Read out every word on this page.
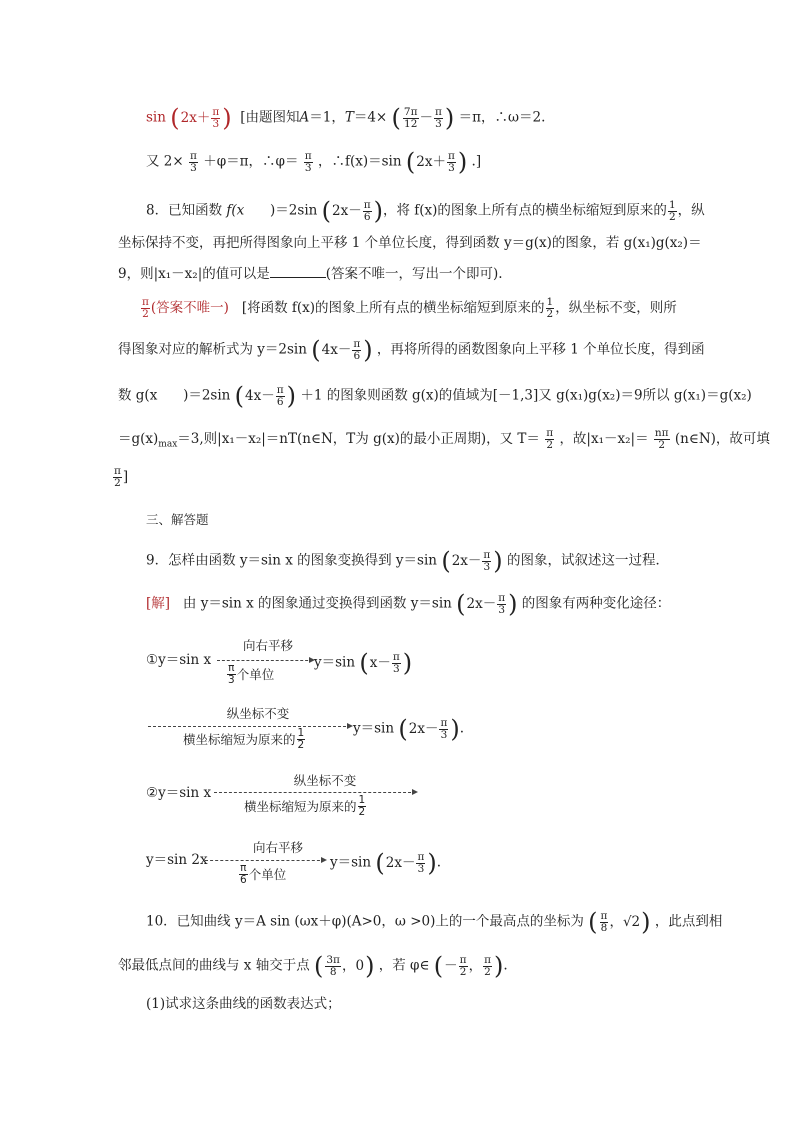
sin ( $2x+ \frac{\pi}{3}$
) [由题图知A＝1，T＝4× ( $\frac{7\pi}{12} - \frac{\pi}{3}$
) ＝π，∴ω＝2.
又 $2\times \frac{\pi}{3} +\varphi=\pi$，∴φ＝ $\frac{\pi}{3}$ ，∴f(x)＝sin ( $2x+ \frac{\pi}{3}$
) .]
8．已知函数 f(x )＝2sin ( $2x- \frac{\pi}{6}$
) ，将 f(x)的图象上所有点的横坐标缩短到原来的 $\frac{1}{2}$ ，纵
坐标保持不变，再把所得图象向上平移 1 个单位长度，得到函数 y＝g(x)的图象，若 g(x₁)g(x₂)＝
9，则|x₁－x₂|的值可以是	(答案不唯一，写出一个即可).
$\frac{\pi}{2}$ (答案不唯一) [将函数 f(x)的图象上所有点的横坐标缩短到原来的 $\frac{1}{2}$ ，纵坐标不变，则所
得图象对应的解析式为 y＝2sin ( $4x- \frac{\pi}{6}$
) ，再将所得的函数图象向上平移 1 个单位长度，得到函
数 g(x )＝2sin ( $4x- \frac{\pi}{6}$
) ＋1 的图象则函数 g(x)的值域为[－1,3]又 g(x₁)g(x₂)＝9所以 g(x₁)＝g(x₂)
$=g(x)_{max}=3$,则|x₁－x₂|＝nT(n∈N，T为 g(x)的最小正周期)，又 $T= \frac{\pi}{2}$ ，故$|x_1-x_2|= \frac{n\pi}{2}$ (n∈N)，故可填
$\frac{\pi}{2}$ ]
三、解答题
9．怎样由函数 y＝sin x 的图象变换得到 y＝sin ( $2x- \frac{\pi}{3}$
) 的图象，试叙述这一过程．
[解] 由 y＝sin x 的图象通过变换得到函数 y＝sin ( $2x- \frac{\pi}{3}$
) 的图象有两种变化途径：
①y＝sin x
向右平移
$\frac{\pi}{3}$ 个单位
y＝sin ( $x- \frac{\pi}{3}$
)
纵坐标不变
横坐标缩短为原来的 $\frac{1}{2}$	y＝sin ( $2x- \frac{\pi}{3}$
) .
②y＝sin x
纵坐标不变
横坐标缩短为原来的 $\frac{1}{2}$
y＝sin 2x
向右平移
$\frac{\pi}{6}$ 个单位
y＝sin ( $2x- \frac{\pi}{3}$
) .
10．已知曲线 y＝A sin (ωx＋φ)(A>0，ω >0)上的一个最高点的坐标为 ( $\frac{\pi}{8}$ ，√2
) ，此点到相
邻最低点间的曲线与 x 轴交于点 ( $\frac{3\pi}{8}$ ，0
) ，若 φ∈ ( － $\frac{\pi}{2}$ ， $\frac{\pi}{2}$
) .
(1)试求这条曲线的函数表达式；
